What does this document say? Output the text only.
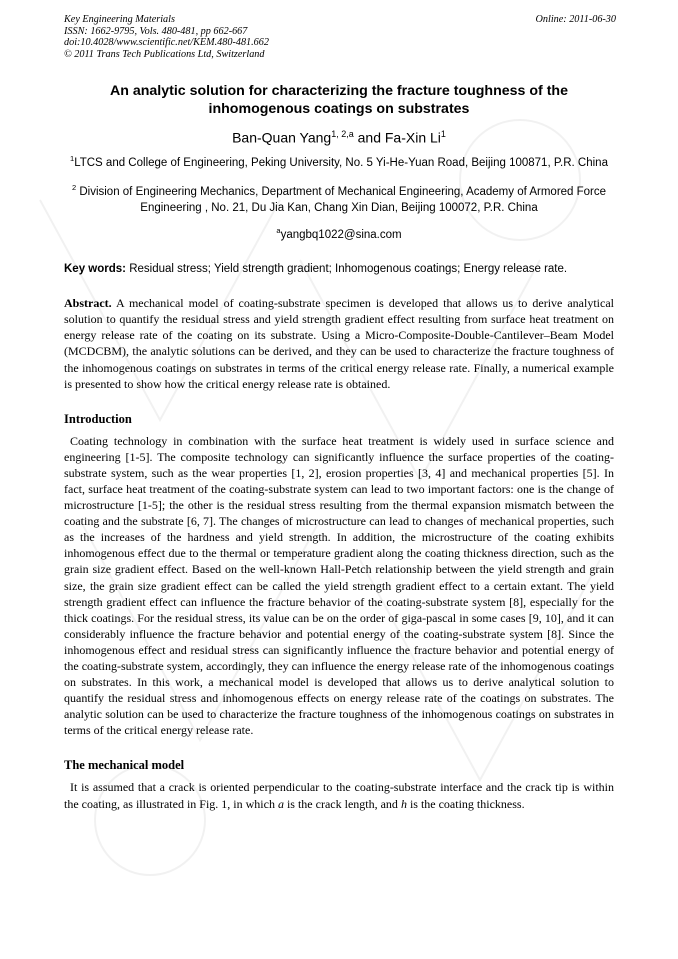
Key Engineering Materials
ISSN: 1662-9795, Vols. 480-481, pp 662-667
doi:10.4028/www.scientific.net/KEM.480-481.662
© 2011 Trans Tech Publications Ltd, Switzerland
Online: 2011-06-30
An analytic solution for characterizing the fracture toughness of the inhomogenous coatings on substrates
Ban-Quan Yang$^{1, 2,a}$ and Fa-Xin Li$^1$
$^1$LTCS and College of Engineering, Peking University, No. 5 Yi-He-Yuan Road, Beijing 100871, P.R. China
$^2$ Division of Engineering Mechanics, Department of Mechanical Engineering, Academy of Armored Force Engineering , No. 21, Du Jia Kan, Chang Xin Dian, Beijing 100072, P.R. China
$^a$yangbq1022@sina.com
Key words: Residual stress; Yield strength gradient; Inhomogenous coatings; Energy release rate.
Abstract. A mechanical model of coating-substrate specimen is developed that allows us to derive analytical solution to quantify the residual stress and yield strength gradient effect resulting from surface heat treatment on energy release rate of the coating on its substrate. Using a Micro-Composite-Double-Cantilever–Beam Model (MCDCBM), the analytic solutions can be derived, and they can be used to characterize the fracture toughness of the inhomogenous coatings on substrates in terms of the critical energy release rate. Finally, a numerical example is presented to show how the critical energy release rate is obtained.
Introduction
Coating technology in combination with the surface heat treatment is widely used in surface science and engineering [1-5]. The composite technology can significantly influence the surface properties of the coating-substrate system, such as the wear properties [1, 2], erosion properties [3, 4] and mechanical properties [5]. In fact, surface heat treatment of the coating-substrate system can lead to two important factors: one is the change of microstructure [1-5]; the other is the residual stress resulting from the thermal expansion mismatch between the coating and the substrate [6, 7]. The changes of microstructure can lead to changes of mechanical properties, such as the increases of the hardness and yield strength. In addition, the microstructure of the coating exhibits inhomogenous effect due to the thermal or temperature gradient along the coating thickness direction, such as the grain size gradient effect. Based on the well-known Hall-Petch relationship between the yield strength and grain size, the grain size gradient effect can be called the yield strength gradient effect to a certain extant. The yield strength gradient effect can influence the fracture behavior of the coating-substrate system [8], especially for the thick coatings. For the residual stress, its value can be on the order of giga-pascal in some cases [9, 10], and it can considerably influence the fracture behavior and potential energy of the coating-substrate system [8]. Since the inhomogenous effect and residual stress can significantly influence the fracture behavior and potential energy of the coating-substrate system, accordingly, they can influence the energy release rate of the inhomogenous coatings on substrates. In this work, a mechanical model is developed that allows us to derive analytical solution to quantify the residual stress and inhomogenous effects on energy release rate of the coatings on substrates. The analytic solution can be used to characterize the fracture toughness of the inhomogenous coatings on substrates in terms of the critical energy release rate.
The mechanical model
It is assumed that a crack is oriented perpendicular to the coating-substrate interface and the crack tip is within the coating, as illustrated in Fig. 1, in which a is the crack length, and h is the coating thickness.
